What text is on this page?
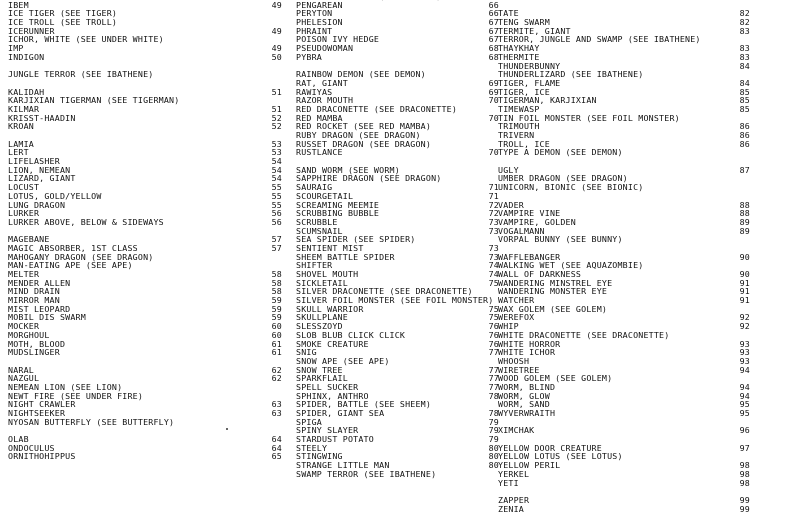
IBEM	49
ICE TIGER (SEE TIGER)
ICE TROLL (SEE TROLL)
ICERUNNER	49
ICHOR, WHITE (SEE UNDER WHITE)
IMP	49
INDIGON	50
JUNGLE TERROR (SEE IBATHENE)
KALIDAH	51
KARJIXIAN TIGERMAN (SEE TIGERMAN)
KILMAR	51
KRISST-HAADIN	52
KROAN	52
LAMIA	53
LERT	53
LIFELASHER	54
LION, NEMEAN	54
LIZARD, GIANT	54
LOCUST	55
LOTUS, GOLD/YELLOW	55
LUNG DRAGON	55
LURKER	56
LURKER ABOVE, BELOW & SIDEWAYS	56
MAGEBANE	57
MAGIC ABSORBER, 1ST CLASS	57
MAHOGANY DRAGON (SEE DRAGON)
MAN-EATING APE (SEE APE)
MELTER	58
MENDER ALLEN	58
MIND DRAIN	58
MIRROR MAN	59
MIST LEOPARD	59
MOBIL DIS SWARM	59
MOCKER	60
MORGHOUL	60
MOTH, BLOOD	61
MUDSLINGER	61
NARAL	62
NAZGUL	62
NEMEAN LION (SEE LION)
NEWT FIRE (SEE UNDER FIRE)
NIGHT CRAWLER	63
NIGHTSEEKER	63
NYOSAN BUTTERFLY (SEE BUTTERFLY)
OLAB	64
ONDOCULUS	64
ORNITHOHIPPUS	65
PENGAREAN	66
PERYTON	66
PHELESION	67
PHRAINT	67
POISON IVY HEDGE	67
PSEUDOWOMAN	68
PYBRA	68
RAINBOW DEMON (SEE DEMON)
RAT, GIANT	69
RAWIYAS	69
RAZOR MOUTH	70
RED DRACONETTE (SEE DRACONETTE)
RED MAMBA	70
RED ROCKET (SEE RED MAMBA)
RUBY DRAGON (SEE DRAGON)
RUSSET DRAGON (SEE DRAGON)
RUSTLANCE	70
SAND WORM (SEE WORM)
SAPPHIRE DRAGON (SEE DRAGON)
SAURAIG	71
SCOURGETAIL	71
SCREAMING MEEMIE	72
SCRUBBING BUBBLE	72
SCRUBBLE	73
SCUMSNAIL	73
SEA SPIDER (SEE SPIDER)
SENTIENT MIST	73
SHEEM BATTLE SPIDER	73
SHIFTER	74
SHOVEL MOUTH	74
SICKLETAIL	75
SILVER DRACONETTE (SEE DRACONETTE)
SILVER FOIL MONSTER (SEE FOIL MONSTER)
SKULL WARRIOR	75
SKULLPLANE	75
SLESSZOYD	76
SLOB BLUB CLICK CLICK	76
SMOKE CREATURE	76
SNIG	77
SNOW APE (SEE APE)
SNOW TREE	77
SPARKFLAIL	77
SPELL SUCKER	77
SPHINX, ANTHRO	78
SPIDER, BATTLE (SEE SHEEM)
SPIDER, GIANT SEA	78
SPIGA	79
SPINY SLAYER	79
STARDUST POTATO	79
STEELY	80
STINGWING	80
STRANGE LITTLE MAN	80
SWAMP TERROR (SEE IBATHENE)
TATE	82
TENG SWARM	82
TERMITE, GIANT	83
TERROR, JUNGLE AND SWAMP (SEE IBATHENE)
THAYKHAY	83
THERMITE	83
THUNDERBUNNY	84
THUNDERLIZARD (SEE IBATHENE)
TIGER, FLAME	84
TIGER, ICE	85
TIGERMAN, KARJIXIAN	85
TIMEWASP	85
TIN FOIL MONSTER (SEE FOIL MONSTER)
TRIMOUTH	86
TRIVERN	86
TROLL, ICE	86
TYPE A DEMON (SEE DEMON)
UGLY	87
UMBER DRAGON (SEE DRAGON)
UNICORN, BIONIC (SEE BIONIC)
VADER	88
VAMPIRE VINE	88
VAMPIRE, GOLDEN	89
VOGALMANN	89
VORPAL BUNNY (SEE BUNNY)
WAFFLEBANGER	90
WALKING WET (SEE AQUAZOMBIE)
WALL OF DARKNESS	90
WANDERING MINSTREL EYE	91
WANDERING MONSTER EYE	91
WATCHER	91
WAX GOLEM (SEE GOLEM)
WEREFOX	92
WHIP	92
WHITE DRACONETTE (SEE DRACONETTE)
WHITE HORROR	93
WHITE ICHOR	93
WHOOSH	93
WIRETREE	94
WOOD GOLEM (SEE GOLEM)
WORM, BLIND	94
WORM, GLOW	94
WORM, SAND	95
WYVERWRAITH	95
XIMCHAK	96
YELLOW DOOR CREATURE	97
YELLOW LOTUS (SEE LOTUS)
YELLOW PERIL	98
YERKEL	98
YETI	98
ZAPPER	99
ZENIA	99
